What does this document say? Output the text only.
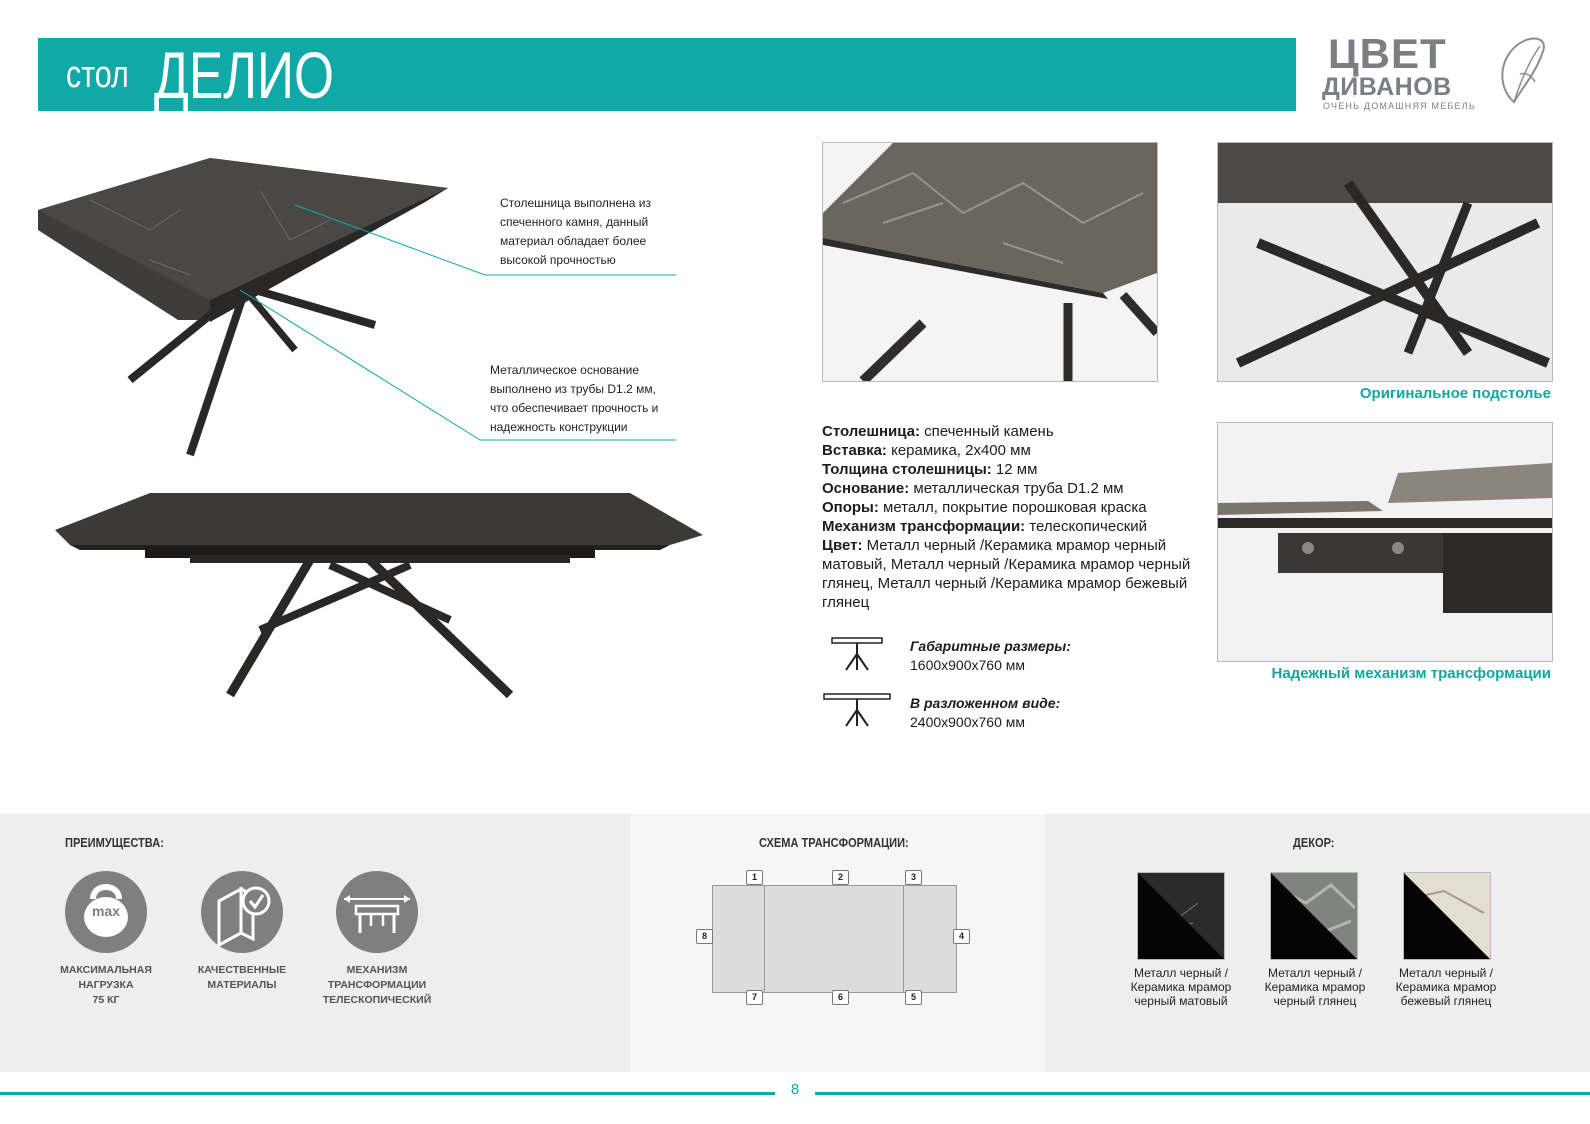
стол ДЕЛИО	ЦВЕТ
ДИВАНОВ
ОЧЕНЬ ДОМАШНЯЯ МЕБЕЛЬ
Столешница выполнена из
спеченного камня, данный
материал обладает более
высокой прочностью
Металлическое основание
выполнено из трубы D1.2 мм,
что обеспечивает прочность и
надежность конструкции
Оригинальное подстолье
Надежный механизм трансформации
Столешница: спеченный камень
Вставка: керамика, 2х400 мм
Толщина столешницы: 12 мм
Основание: металлическая труба D1.2 мм
Опоры: металл, покрытие порошковая краска
Механизм трансформации: телескопический
Цвет: Металл черный /Керамика мрамор черный матовый, Металл черный /Керамика мрамор черный глянец, Металл черный /Керамика мрамор бежевый глянец
Габаритные размеры:
1600х900х760 мм
В разложенном виде:
2400х900х760 мм
ПРЕИМУЩЕСТВА:
max
МАКСИМАЛЬНАЯ
НАГРУЗКА
75 КГ
КАЧЕСТВЕННЫЕ
МАТЕРИАЛЫ
МЕХАНИЗМ
ТРАНСФОРМАЦИИ
ТЕЛЕСКОПИЧЕСКИЙ
СХЕМА ТРАНСФОРМАЦИИ:
1	2	3
4
5
6
7
8
ДЕКОР:
Металл черный /
Керамика мрамор
черный матовый
Металл черный /
Керамика мрамор
черный глянец
Металл черный /
Керамика мрамор
бежевый глянец
8
